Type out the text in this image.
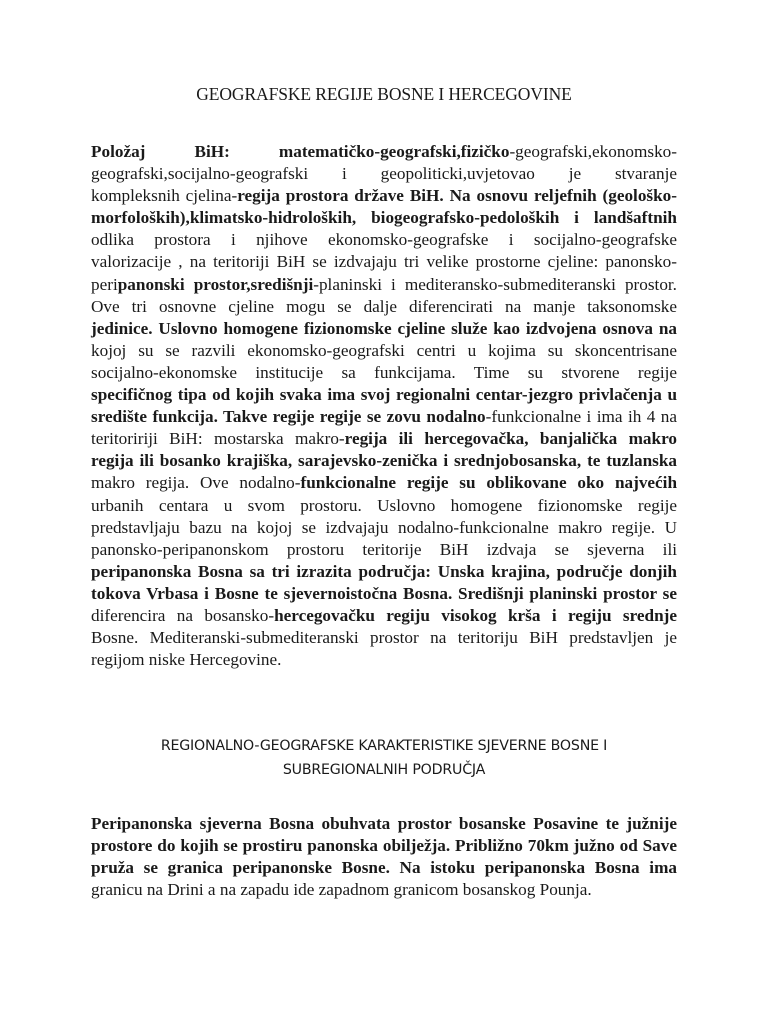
GEOGRAFSKE REGIJE BOSNE I HERCEGOVINE
Položaj BiH: matematičko-geografski,fizičko-geografski,ekonomsko-
geografski,socijalno-geografski i geopoliticki,uvjetovao je stvaranje
kompleksnih cjelina-regija prostora države BiH. Na osnovu reljefnih (geološko-
morfoloških),klimatsko-hidroloških, biogeografsko-pedoloških i landšaftnih
odlika prostora i njihove ekonomsko-geografske i socijalno-geografske
valorizacije , na teritoriji BiH se izdvajaju tri velike prostorne cjeline: panonsko-
peripanonski prostor,središnji-planinski i mediteransko-submediteranski prostor.
Ove tri osnovne cjeline mogu se dalje diferencirati na manje taksonomske
jedinice. Uslovno homogene fizionomske cjeline služe kao izdvojena osnova na
kojoj su se razvili ekonomsko-geografski centri u kojima su skoncentrisane
socijalno-ekonomske institucije sa funkcijama. Time su stvorene regije
specifičnog tipa od kojih svaka ima svoj regionalni centar-jezgro privlačenja u
središte funkcija. Takve regije regije se zovu nodalno-funkcionalne i ima ih 4 na
teritoririji BiH: mostarska makro-regija ili hercegovačka, banjalička makro
regija ili bosanko krajiška, sarajevsko-zenička i srednjobosanska, te tuzlanska
makro regija. Ove nodalno-funkcionalne regije su oblikovane oko najvećih
urbanih centara u svom prostoru. Uslovno homogene fizionomske regije
predstavljaju bazu na kojoj se izdvajaju nodalno-funkcionalne makro regije. U
panonsko-peripanonskom prostoru teritorije BiH izdvaja se sjeverna ili
peripanonska Bosna sa tri izrazita područja: Unska krajina, područje donjih
tokova Vrbasa i Bosne te sjevernoistočna Bosna. Središnji planinski prostor se
diferencira na bosansko-hercegovačku regiju visokog krša i regiju srednje
Bosne. Mediteranski-submediteranski prostor na teritoriju BiH predstavljen je
regijom niske Hercegovine.
REGIONALNO-GEOGRAFSKE KARAKTERISTIKE SJEVERNE BOSNE I
SUBREGIONALNIH PODRUČJA
Peripanonska sjeverna Bosna obuhvata prostor bosanske Posavine te južnije
prostore do kojih se prostiru panonska obilježja. Približno 70km južno od Save
pruža se granica peripanonske Bosne. Na istoku peripanonska Bosna ima
granicu na Drini a na zapadu ide zapadnom granicom bosanskog Pounja.
